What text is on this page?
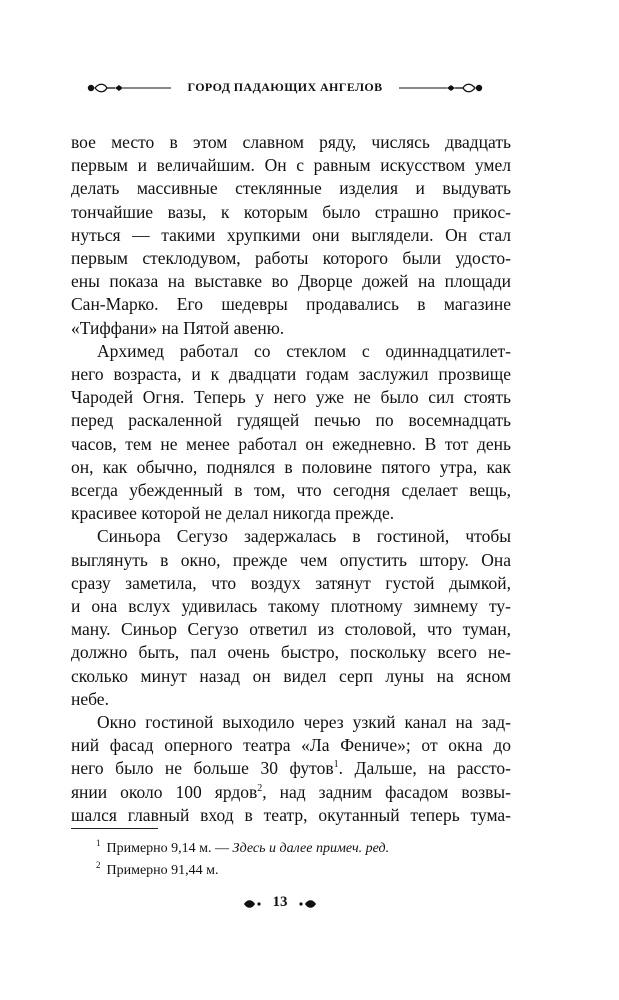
ГОРОД ПАДАЮЩИХ АНГЕЛОВ

вое место в этом славном ряду, числясь двадцать
первым и величайшим. Он с равным искусством умел
делать массивные стеклянные изделия и выдувать
тончайшие вазы, к которым было страшно прикос-
нуться — такими хрупкими они выглядели. Он стал
первым стеклодувом, работы которого были удосто-
ены показа на выставке во Дворце дожей на площади
Сан-Марко. Его шедевры продавались в магазине
«Тиффани» на Пятой авеню.

Архимед работал со стеклом с одиннадцатилет-
него возраста, и к двадцати годам заслужил прозвище
Чародей Огня. Теперь у него уже не было сил стоять
перед раскаленной гудящей печью по восемнадцать
часов, тем не менее работал он ежедневно. В тот день
он, как обычно, поднялся в половине пятого утра, как
всегда убежденный в том, что сегодня сделает вещь,
красивее которой не делал никогда прежде.

Синьора Сегузо задержалась в гостиной, чтобы
выглянуть в окно, прежде чем опустить штору. Она
сразу заметила, что воздух затянут густой дымкой,
и она вслух удивилась такому плотному зимнему ту-
ману. Синьор Сегузо ответил из столовой, что туман,
должно быть, пал очень быстро, поскольку всего не-
сколько минут назад он видел серп луны на ясном
небе.

Окно гостиной выходило через узкий канал на зад-
ний фасад оперного театра «Ла Фениче»; от окна до
него было не больше 30 футов$^1$. Дальше, на рассто-
янии около 100 ярдов$^2$, над задним фасадом возвы-
шался главный вход в театр, окутанный теперь тума-

$^1$ Примерно 9,14 м. — Здесь и далее примеч. ред.
$^2$ Примерно 91,44 м.
13
